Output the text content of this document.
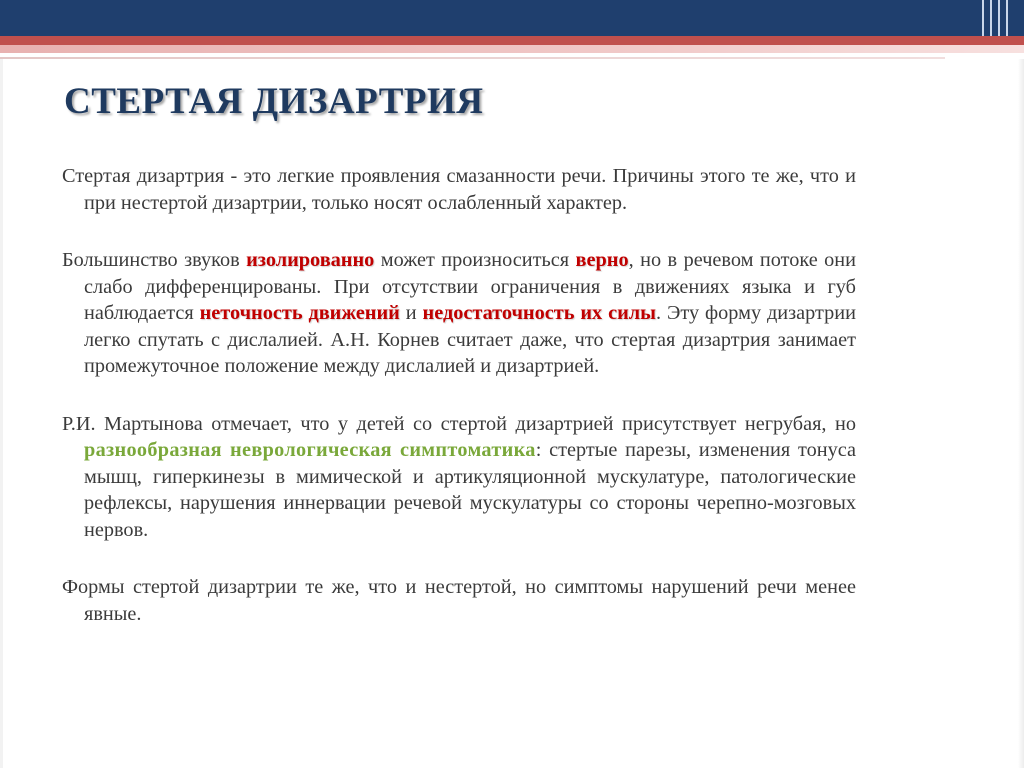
СТЕРТАЯ ДИЗАРТРИЯ

Стертая дизартрия - это легкие проявления смазанности речи. Причины этого те же, что и при нестертой дизартрии, только носят ослабленный характер.

Большинство звуков изолированно может произноситься верно, но в речевом потоке они слабо дифференцированы. При отсутствии ограничения в движениях языка и губ наблюдается неточность движений и недостаточность их силы. Эту форму дизартрии легко спутать с дислалией. А.Н. Корнев считает даже, что стертая дизартрия занимает промежуточное положение между дислалией и дизартрией.

Р.И. Мартынова отмечает, что у детей со стертой дизартрией присутствует негрубая, но разнообразная неврологическая симптоматика: стертые парезы, изменения тонуса мышц, гиперкинезы в мимической и артикуляционной мускулатуре, патологические рефлексы, нарушения иннервации речевой мускулатуры со стороны черепно-мозговых нервов.

Формы стертой дизартрии те же, что и нестертой, но симптомы нарушений речи менее явные.
